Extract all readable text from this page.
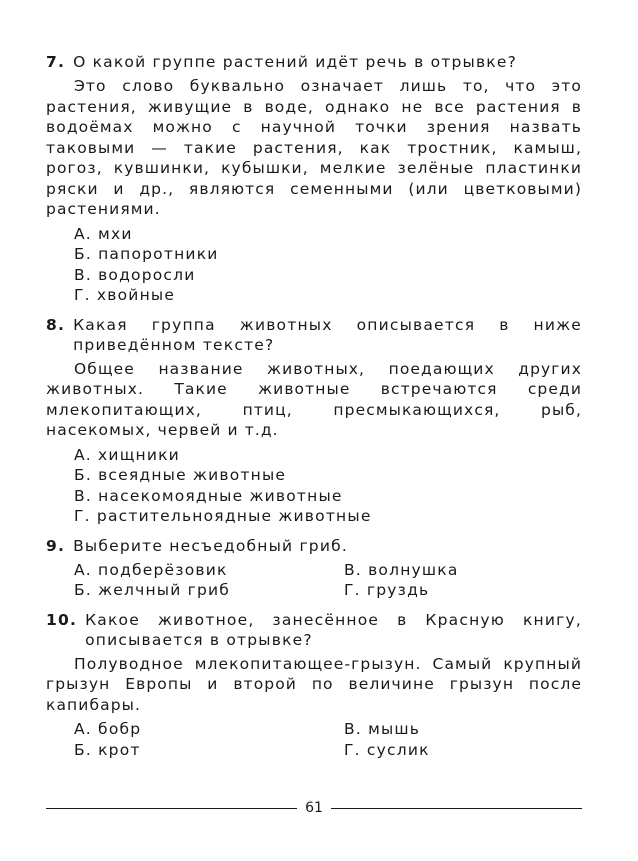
7. О какой группе растений идёт речь в отрывке?
Это слово буквально означает лишь то, что это растения, живущие в воде, однако не все растения в водоёмах можно с научной точки зрения назвать таковыми — такие растения, как тростник, камыш, рогоз, кувшинки, кубышки, мелкие зелёные пластинки ряски и др., являются семенными (или цветковыми) растениями.
А. мхи
Б. папоротники
В. водоросли
Г. хвойные
8. Какая группа животных описывается в ниже приведённом тексте?
Общее название животных, поедающих других животных. Такие животные встречаются среди млекопитающих, птиц, пресмыкающихся, рыб, насекомых, червей и т.д.
А. хищники
Б. всеядные животные
В. насекомоядные животные
Г. растительноядные животные
9. Выберите несъедобный гриб.
А. подберёзовик	В. волнушка
Б. желчный гриб	Г. груздь
10. Какое животное, занесённое в Красную книгу, описывается в отрывке?
Полуводное млекопитающее-грызун. Самый крупный грызун Европы и второй по величине грызун после капибары.
А. бобр	В. мышь
Б. крот	Г. суслик
61
